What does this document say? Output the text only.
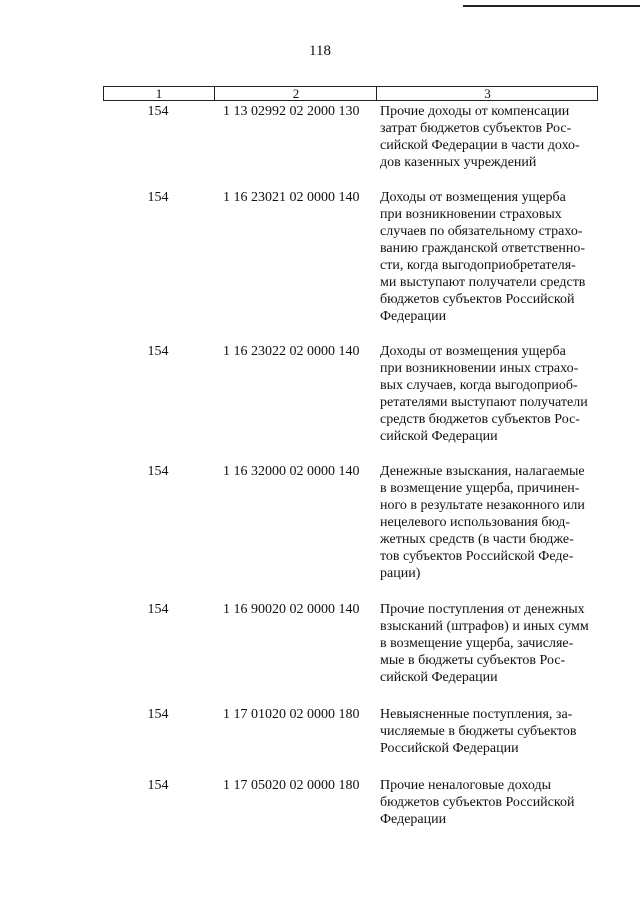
118
1	2	3
154	1 13 02992 02 2000 130	Прочие доходы от компенсации
затрат бюджетов субъектов Рос-
сийской Федерации в части дохо-
дов казенных учреждений
154	1 16 23021 02 0000 140	Доходы от возмещения ущерба
при возникновении страховых
случаев по обязательному страхо-
ванию гражданской ответственно-
сти, когда выгодоприобретателя-
ми выступают получатели средств
бюджетов субъектов Российской
Федерации
154	1 16 23022 02 0000 140	Доходы от возмещения ущерба
при возникновении иных страхо-
вых случаев, когда выгодоприоб-
ретателями выступают получатели
средств бюджетов субъектов Рос-
сийской Федерации
154	1 16 32000 02 0000 140	Денежные взыскания, налагаемые
в возмещение ущерба, причинен-
ного в результате незаконного или
нецелевого использования бюд-
жетных средств (в части бюдже-
тов субъектов Российской Феде-
рации)
154	1 16 90020 02 0000 140	Прочие поступления от денежных
взысканий (штрафов) и иных сумм
в возмещение ущерба, зачисляе-
мые в бюджеты субъектов Рос-
сийской Федерации
154	1 17 01020 02 0000 180	Невыясненные поступления, за-
числяемые в бюджеты субъектов
Российской Федерации
154	1 17 05020 02 0000 180	Прочие неналоговые доходы
бюджетов субъектов Российской
Федерации
